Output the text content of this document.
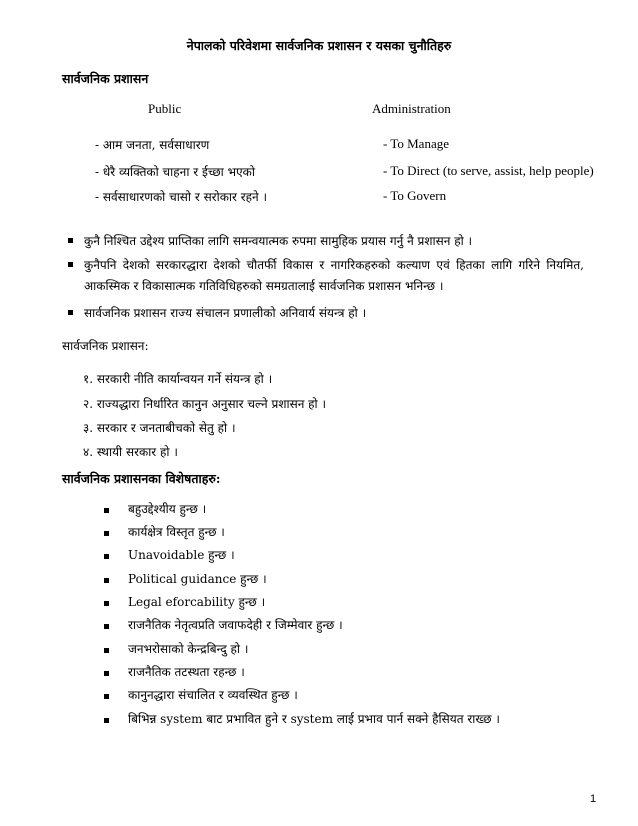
नेपालको परिवेशमा सार्वजनिक प्रशासन र यसका चुनौतिहरु
सार्वजनिक प्रशासन
Public	Administration
- आम जनता, सर्वसाधारण
- धेरै व्यक्तिको चाहना र ईच्छा भएको
- सर्वसाधारणको चासो र सरोकार रहने ।
- To Manage
- To Direct (to serve, assist, help people)
- To Govern
कुनै निश्चित उद्देश्य प्राप्तिका लागि समन्वयात्मक रुपमा सामुहिक प्रयास गर्नु नै प्रशासन हो ।
कुनैपनि देशको सरकारद्धारा देशको चौतर्फी विकास र नागरिकहरुको कल्याण एवं हितका लागि गरिने नियमित, आकस्मिक र विकासात्मक गतिविधिहरुको समग्रतालाई सार्वजनिक प्रशासन भनिन्छ ।
सार्वजनिक प्रशासन राज्य संचालन प्रणालीको अनिवार्य संयन्त्र हो ।
सार्वजनिक प्रशासन:
१. सरकारी नीति कार्यान्वयन गर्ने संयन्त्र हो ।
२. राज्यद्धारा निर्धारित कानुन अनुसार चल्ने प्रशासन हो ।
३. सरकार र जनताबीचको सेतु हो ।
४. स्थायी सरकार हो ।
सार्वजनिक प्रशासनका विशेषताहरु:
बहुउद्देश्यीय हुन्छ ।
कार्यक्षेत्र विस्तृत हुन्छ ।
Unavoidable हुन्छ ।
Political guidance हुन्छ ।
Legal eforcability हुन्छ ।
राजनैतिक नेतृत्वप्रति जवाफदेही र जिम्मेवार हुन्छ ।
जनभरोसाको केन्द्रबिन्दु हो ।
राजनैतिक तटस्थता रहन्छ ।
कानुनद्धारा संचालित र व्यवस्थित हुन्छ ।
बिभिन्न system बाट प्रभावित हुने र system लाई प्रभाव पार्न सक्ने हैसियत राख्छ ।
1
